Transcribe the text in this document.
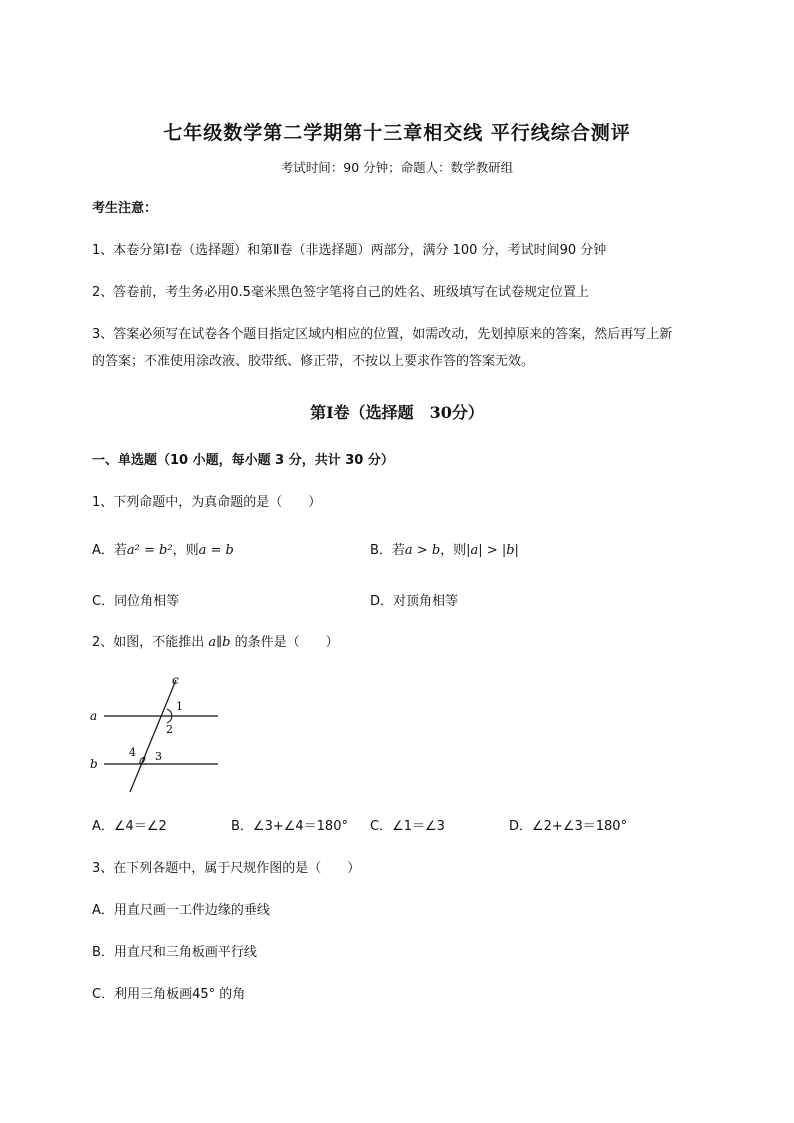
七年级数学第二学期第十三章相交线 平行线综合测评
考试时间：90 分钟；命题人：数学教研组
考生注意：
1、本卷分第Ⅰ卷（选择题）和第Ⅱ卷（非选择题）两部分，满分 100 分，考试时间90 分钟
2、答卷前，考生务必用0.5毫米黑色签字笔将自己的姓名、班级填写在试卷规定位置上
3、答案必须写在试卷各个题目指定区域内相应的位置，如需改动，先划掉原来的答案，然后再写上新
的答案；不准使用涂改液、胶带纸、修正带，不按以上要求作答的答案无效。
第Ⅰ卷（选择题　30分）
一、单选题（10 小题，每小题 3 分，共计 30 分）
1、下列命题中，为真命题的是（　　）
A．若a² = b²，则a = b	B．若a > b，则|a| > |b|
C．同位角相等	D．对顶角相等
2、如图，不能推出 a∥b 的条件是（　　）
a
b
c
1
2
3
4
A．∠4＝∠2	B．∠3+∠4＝180° C．∠1＝∠3	D．∠2+∠3＝180°
3、在下列各题中，属于尺规作图的是（　　）
A．用直尺画一工件边缘的垂线
B．用直尺和三角板画平行线
C．利用三角板画45° 的角
